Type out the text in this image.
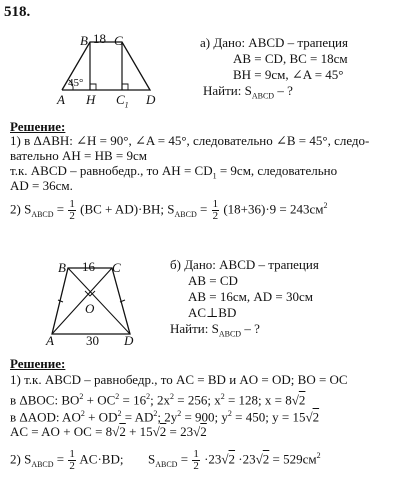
518.
B 18 C
45°
A H $C_1$ D
а) Дано: ABCD – трапеция
AB = CD, BC = 18см
BH = 9см, ∠A = 45°
Найти: $S_{ABCD}$ – ?
Решение:
1) в ΔABH: ∠H = 90°, ∠A = 45°, следовательно ∠B = 45°, следо-
вательно AH = HB = 9см
т.к. ABCD – равнобедр., то AH = $CD_1 = 9см$, следовательно
AD = 36см.
2) $S_{ABCD} = \frac{1}{2} (BC + AD)\cdot BH$; $S_{ABCD} = \frac{1}{2} (18+36)\cdot 9 = 243см^2$
B 16 C
O
A 30 D
б) Дано: ABCD – трапеция
AB = CD
AB = 16см, AD = 30см
AC⊥BD
Найти: $S_{ABCD}$ – ?
Решение:
1) т.к. ABCD – равнобедр., то AC = BD и AO = OD; BO = OC
в ΔBOC: $BO^2 + OC^2 = 16^2$; $2x^2 = 256$; $x^2 = 128$; x = 8√2
в ΔAOD: $AO^2 + OD^2 = AD^2$; $2y^2 = 900$; $y^2 = 450$; y = 15√2
AC = AO + OC = 8√2 + 15√2 = 23√2
2) $S_{ABCD} = \frac{1}{2} AC\cdot BD$; $S_{ABCD} = \frac{1}{2} \cdot 23√2 \cdot 23√2 = 529см^2$
